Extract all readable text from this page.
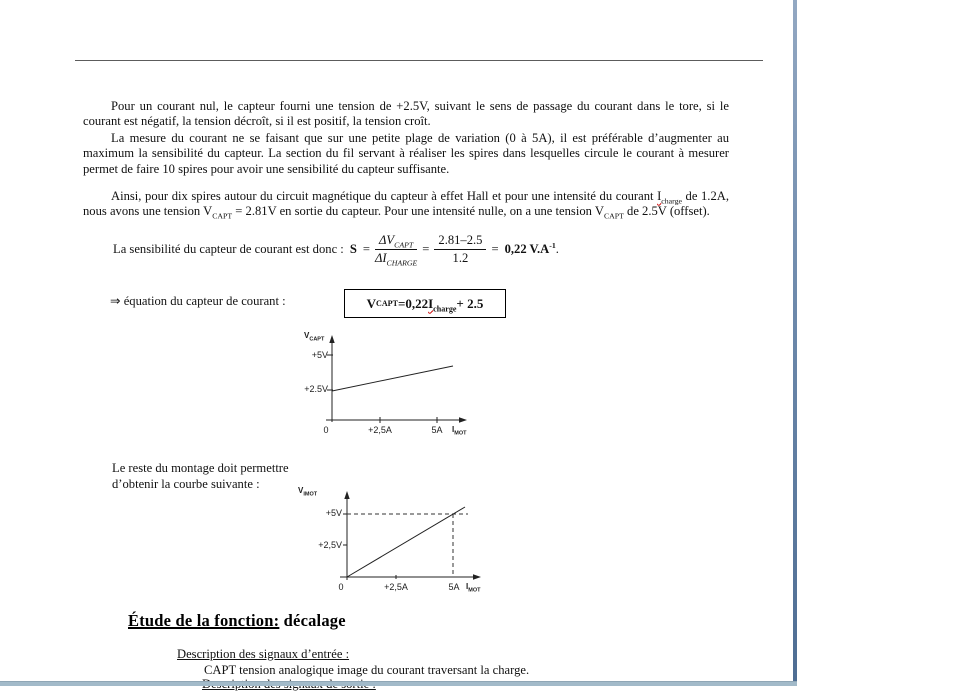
Pour un courant nul, le capteur fourni une tension de +2.5V, suivant le sens de passage du courant dans le tore, si le courant est négatif, la tension décroît, si il est positif, la tension croît.

La mesure du courant ne se faisant que sur une petite plage de variation (0 à 5A), il est préférable d’augmenter au maximum la sensibilité du capteur. La section du fil servant à réaliser les spires dans lesquelles circule le courant à mesurer permet de faire 10 spires pour avoir une sensibilité du capteur suffisante.

Ainsi, pour dix spires autour du circuit magnétique du capteur à effet Hall et pour une intensité du courant $I_{charge}$ de 1.2A, nous avons une tension $V_{CAPT} = 2.81V$ en sortie du capteur. Pour une intensité nulle, on a une tension $V_{CAPT}$ de 2.5V (offset).

La sensibilité du capteur de courant est donc : $S = \frac{\Delta V_{CAPT}}{\Delta I_{CHARGE}} = \frac{2.81-2.5}{1.2} = 0,22$ $V.A^{-1}$ .
⇒ équation du capteur de courant :	V CAPT =0,22 $I_{charge} + 2.5$
$V_{CAPT}$
+5V
+2.5V
0	+2,5A	5A	$I_{MOT}$
Le reste du montage doit permettre
d’obtenir la courbe suivante :	$V_{IMOT}$
+5V
+2,5V
0	+2,5A	5A $I_{MOT}$
Étude de la fonction: décalage
Description des signaux d’entrée :
CAPT tension analogique image du courant traversant la charge.
